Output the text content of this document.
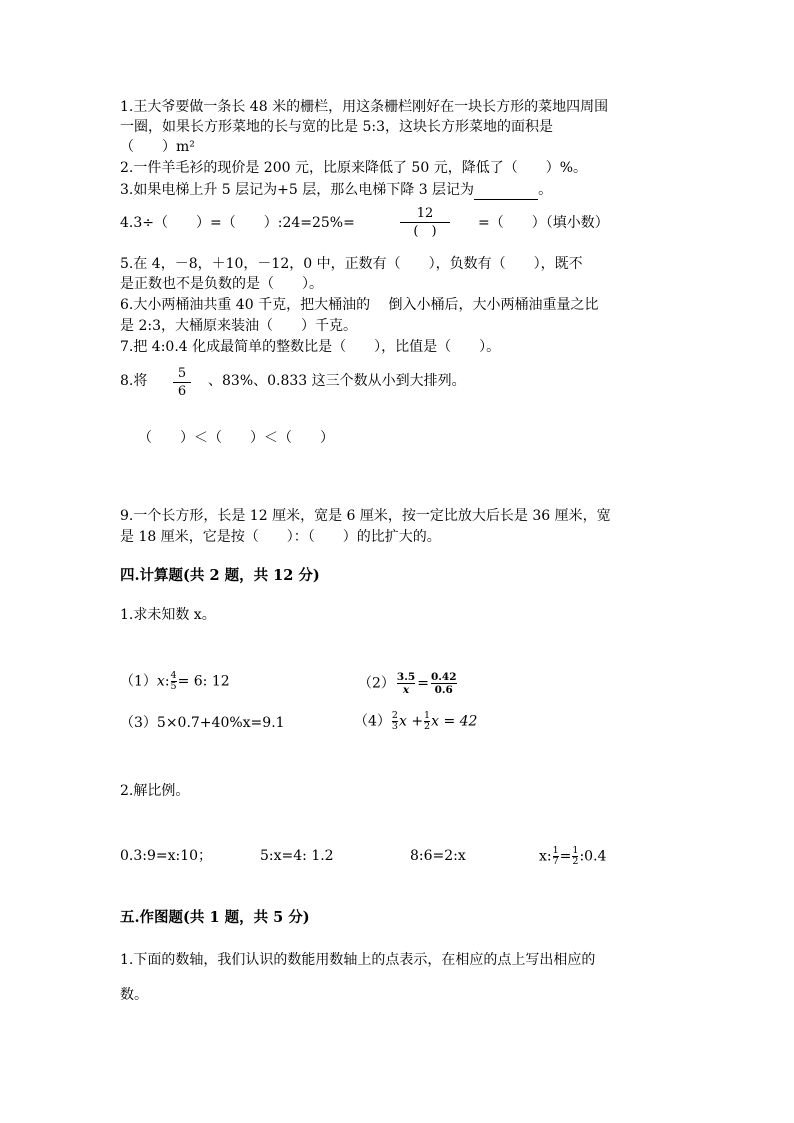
1.王大爷要做一条长 48 米的栅栏，用这条栅栏刚好在一块长方形的菜地四周围
一圈，如果长方形菜地的长与宽的比是 5:3，这块长方形菜地的面积是
（　　）m²
2.一件羊毛衫的现价是 200 元，比原来降低了 50 元，降低了（　　）%。
3.如果电梯上升 5 层记为+5 层，那么电梯下降 3 层记为	。
4.3÷（　　）=（　　）:24=25%=
12
(　)
=（　　）（填小数）
5.在 4，－8，＋10，－12，0 中，正数有（　　），负数有（　　），既不
是正数也不是负数的是（　　）。
6.大小两桶油共重 40 千克，把大桶油的　 倒入小桶后，大小两桶油重量之比
是 2:3，大桶原来装油（　　）千克。
7.把 4:0.4 化成最简单的整数比是（　　），比值是（　　）。
8.将	5
6
、83%、0.833 这三个数从小到大排列。
（　　）＜（　　）＜（　　）
9.一个长方形，长是 12 厘米，宽是 6 厘米，按一定比放大后长是 36 厘米，宽
是 18 厘米，它是按（　　）：（　　）的比扩大的。
四.计算题(共 2 题，共 12 分)
1.求未知数 x。
（1）x: $\frac{4}{5} = 6$: 12	$(2) \frac{3.5}{x} = \frac{0.42}{0.6}$
（3）5×0.7+40%x=9.1	$(4) \frac{2}{3}$ $x + \frac{1}{2}$ x = 42
2.解比例。
0.3:9=x:10；	5:x=4: 1.2	8:6=2:x	x: $\frac{1}{7} = \frac{1}{2}$ :0.4
五.作图题(共 1 题，共 5 分)
1.下面的数轴，我们认识的数能用数轴上的点表示，在相应的点上写出相应的
数。
